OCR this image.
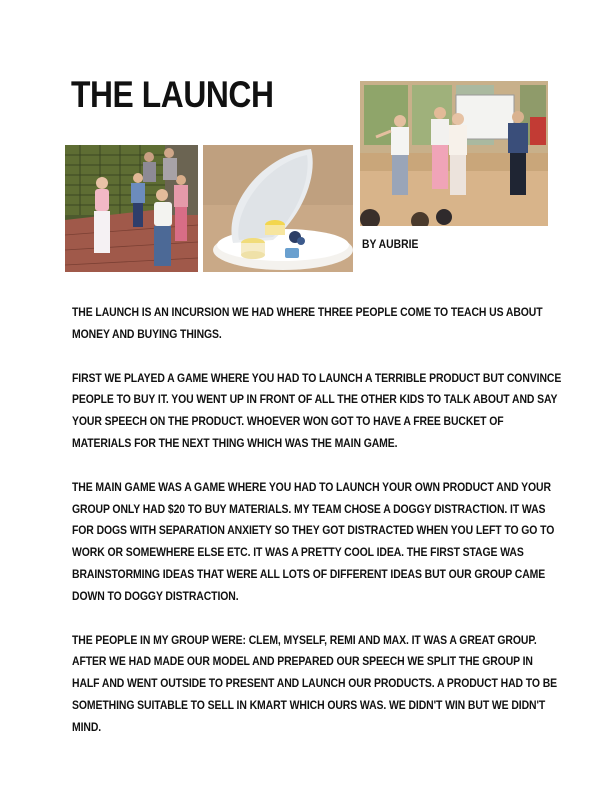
THE LAUNCH

BY AUBRIE

THE LAUNCH IS AN INCURSION WE HAD WHERE THREE PEOPLE COME TO TEACH US ABOUT MONEY AND BUYING THINGS.

FIRST WE PLAYED A GAME WHERE YOU HAD TO LAUNCH A TERRIBLE PRODUCT BUT CONVINCE PEOPLE TO BUY IT. YOU WENT UP IN FRONT OF ALL THE OTHER KIDS TO TALK ABOUT AND SAY YOUR SPEECH ON THE PRODUCT. WHOEVER WON GOT TO HAVE A FREE BUCKET OF MATERIALS FOR THE NEXT THING WHICH WAS THE MAIN GAME.

THE MAIN GAME WAS A GAME WHERE YOU HAD TO LAUNCH YOUR OWN PRODUCT AND YOUR GROUP ONLY HAD $20 TO BUY MATERIALS. MY TEAM CHOSE A DOGGY DISTRACTION. IT WAS FOR DOGS WITH SEPARATION ANXIETY SO THEY GOT DISTRACTED WHEN YOU LEFT TO GO TO WORK OR SOMEWHERE ELSE ETC. IT WAS A PRETTY COOL IDEA. THE FIRST STAGE WAS BRAINSTORMING IDEAS THAT WERE ALL LOTS OF DIFFERENT IDEAS BUT OUR GROUP CAME DOWN TO DOGGY DISTRACTION.

THE PEOPLE IN MY GROUP WERE: CLEM, MYSELF, REMI AND MAX. IT WAS A GREAT GROUP. AFTER WE HAD MADE OUR MODEL AND PREPARED OUR SPEECH WE SPLIT THE GROUP IN HALF AND WENT OUTSIDE TO PRESENT AND LAUNCH OUR PRODUCTS. A PRODUCT HAD TO BE SOMETHING SUITABLE TO SELL IN KMART WHICH OURS WAS. WE DIDN'T WIN BUT WE DIDN'T MIND.
